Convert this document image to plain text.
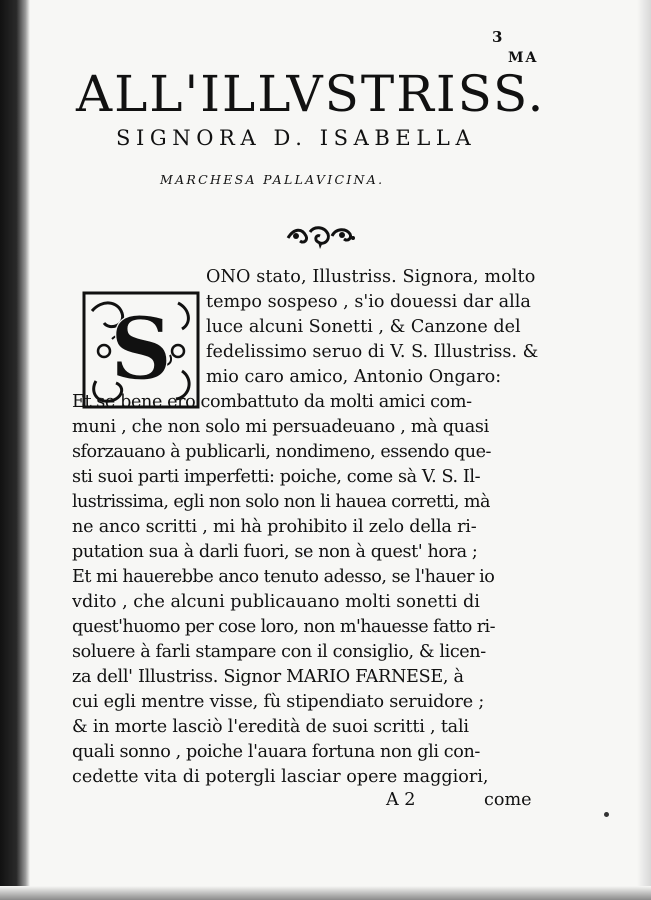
3
MA
ALL'ILLVSTRISS.
SIGNORA D. ISABELLA
MARCHESA PALLAVICINA.
S
ONO stato, Illustriss. Signora, molto
tempo sospeso , s'io douessi dar alla
luce alcuni Sonetti , & Canzone del
fedelissimo seruo di V. S. Illustriss. &
mio caro amico, Antonio Ongaro:
Et se bene ero combattuto da molti amici com-
muni , che non solo mi persuadeuano , mà quasi
sforzauano à publicarli, nondimeno, essendo que-
sti suoi parti imperfetti: poiche, come sà V. S. Il-
lustrissima, egli non solo non li hauea corretti, mà
ne anco scritti , mi hà prohibito il zelo della ri-
putation sua à darli fuori, se non à quest' hora ;
Et mi hauerebbe anco tenuto adesso, se l'hauer io
vdito , che alcuni publicauano molti sonetti di
quest'huomo per cose loro, non m'hauesse fatto ri-
soluere à farli stampare con il consiglio, & licen-
za dell' Illustriss. Signor MARIO FARNESE, à
cui egli mentre visse, fù stipendiato seruidore ;
& in morte lasciò l'eredità de suoi scritti , tali
quali sonno , poiche l'auara fortuna non gli con-
cedette vita di potergli lasciar opere maggiori,
A 2	come
